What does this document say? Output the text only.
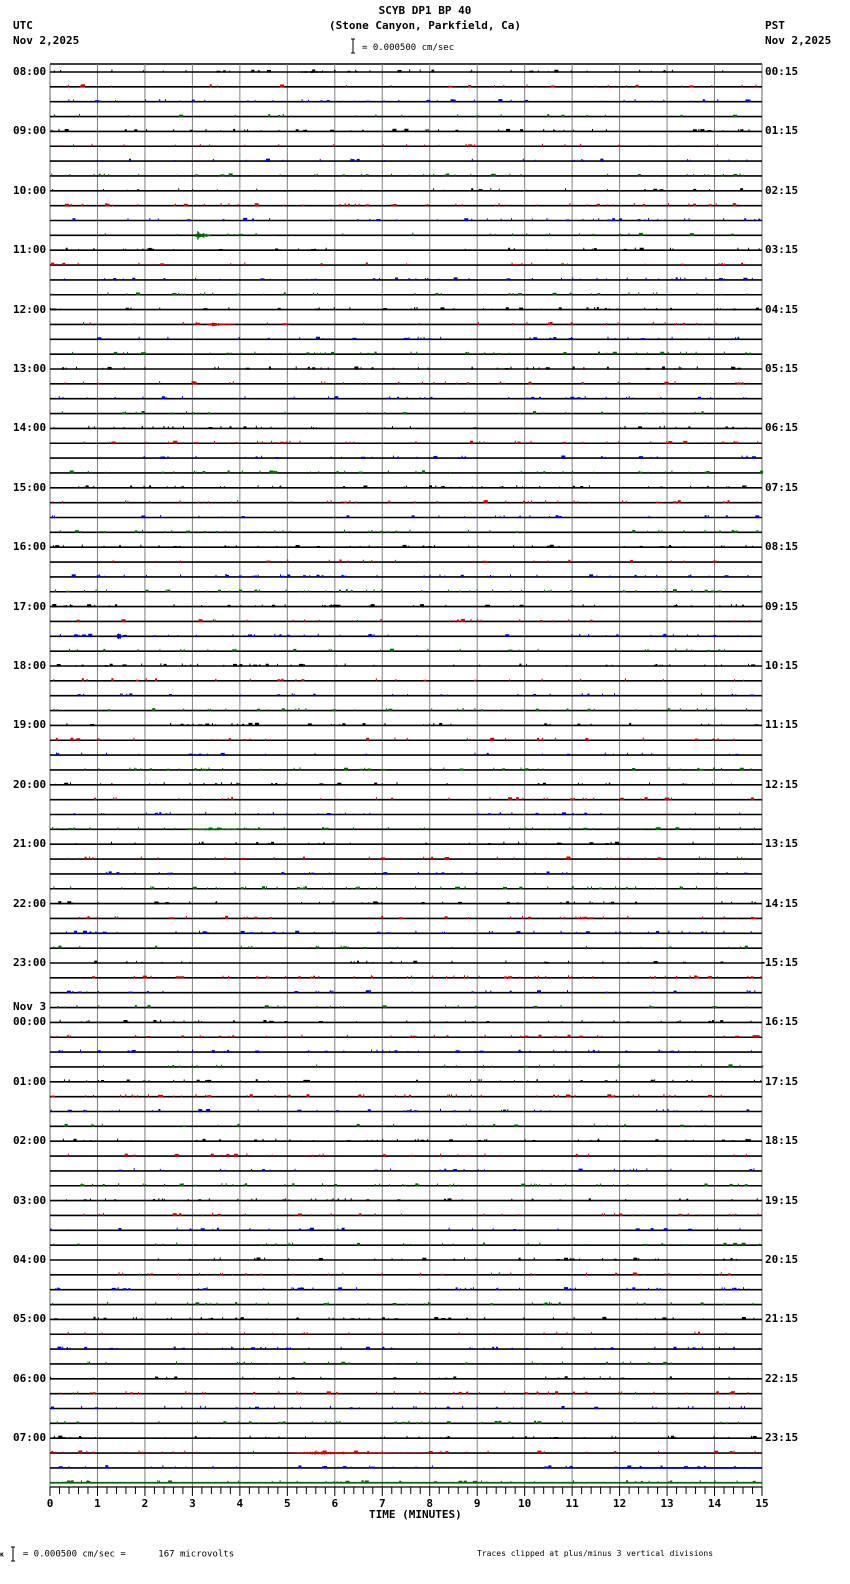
SCYB DP1 BP 40
(Stone Canyon, Parkfield, Ca)
UTC
Nov 2,2025
PST
Nov 2,2025
= 0.000500 cm/sec
08:00
09:00
10:00
11:00
12:00
13:00
14:00
15:00
16:00
17:00
18:00
19:00
20:00
21:00
22:00
23:00
00:00
Nov 3
01:00
02:00
03:00
04:00
05:00
06:00
07:00
00:15
01:15
02:15
03:15
04:15
05:15
06:15
07:15
08:15
09:15
10:15
11:15
12:15
13:15
14:15
15:15
16:15
17:15
18:15
19:15
20:15
21:15
22:15
23:15
0	1	2	3	4	5	6	7	8	9	10	11	12	13	14	15
TIME (MINUTES)
𝛋 = 0.000500 cm/sec =      167 microvolts	Traces clipped at plus/minus 3 vertical divisions
